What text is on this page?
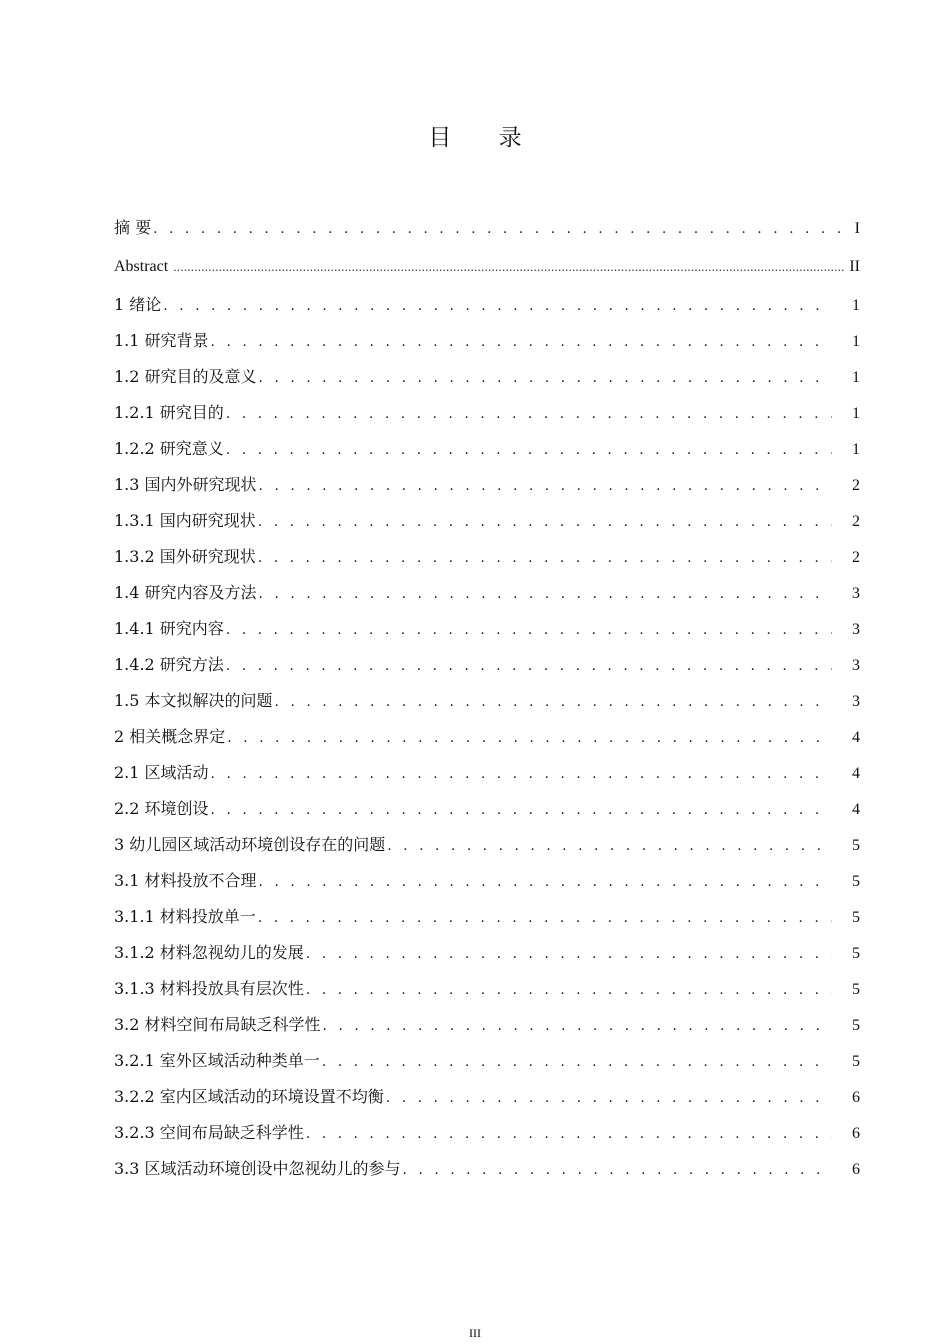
目 录
摘 要 . . .	I
Abstract .....	II
1 绪论 . . .	1
1.1 研究背景 . . .	1
1.2 研究目的及意义 . . .	1
1.2.1 研究目的 . . .	1
1.2.2 研究意义 . . .	1
1.3 国内外研究现状 . . .	2
1.3.1 国内研究现状 . . .	2
1.3.2 国外研究现状 . . .	2
1.4 研究内容及方法 . . .	3
1.4.1 研究内容 . . .	3
1.4.2 研究方法 . . .	3
1.5 本文拟解决的问题 . . .	3
2 相关概念界定 . . .	4
2.1 区域活动 . . .	4
2.2 环境创设 . . .	4
3 幼儿园区域活动环境创设存在的问题 . . .	5
3.1 材料投放不合理 . . .	5
3.1.1 材料投放单一 . . .	5
3.1.2 材料忽视幼儿的发展 . . .	5
3.1.3 材料投放具有层次性 . . .	5
3.2 材料空间布局缺乏科学性 . . .	5
3.2.1 室外区域活动种类单一 . . .	5
3.2.2 室内区域活动的环境设置不均衡 . . .	6
3.2.3 空间布局缺乏科学性 . . .	6
3.3 区域活动环境创设中忽视幼儿的参与 . . .	6
III
